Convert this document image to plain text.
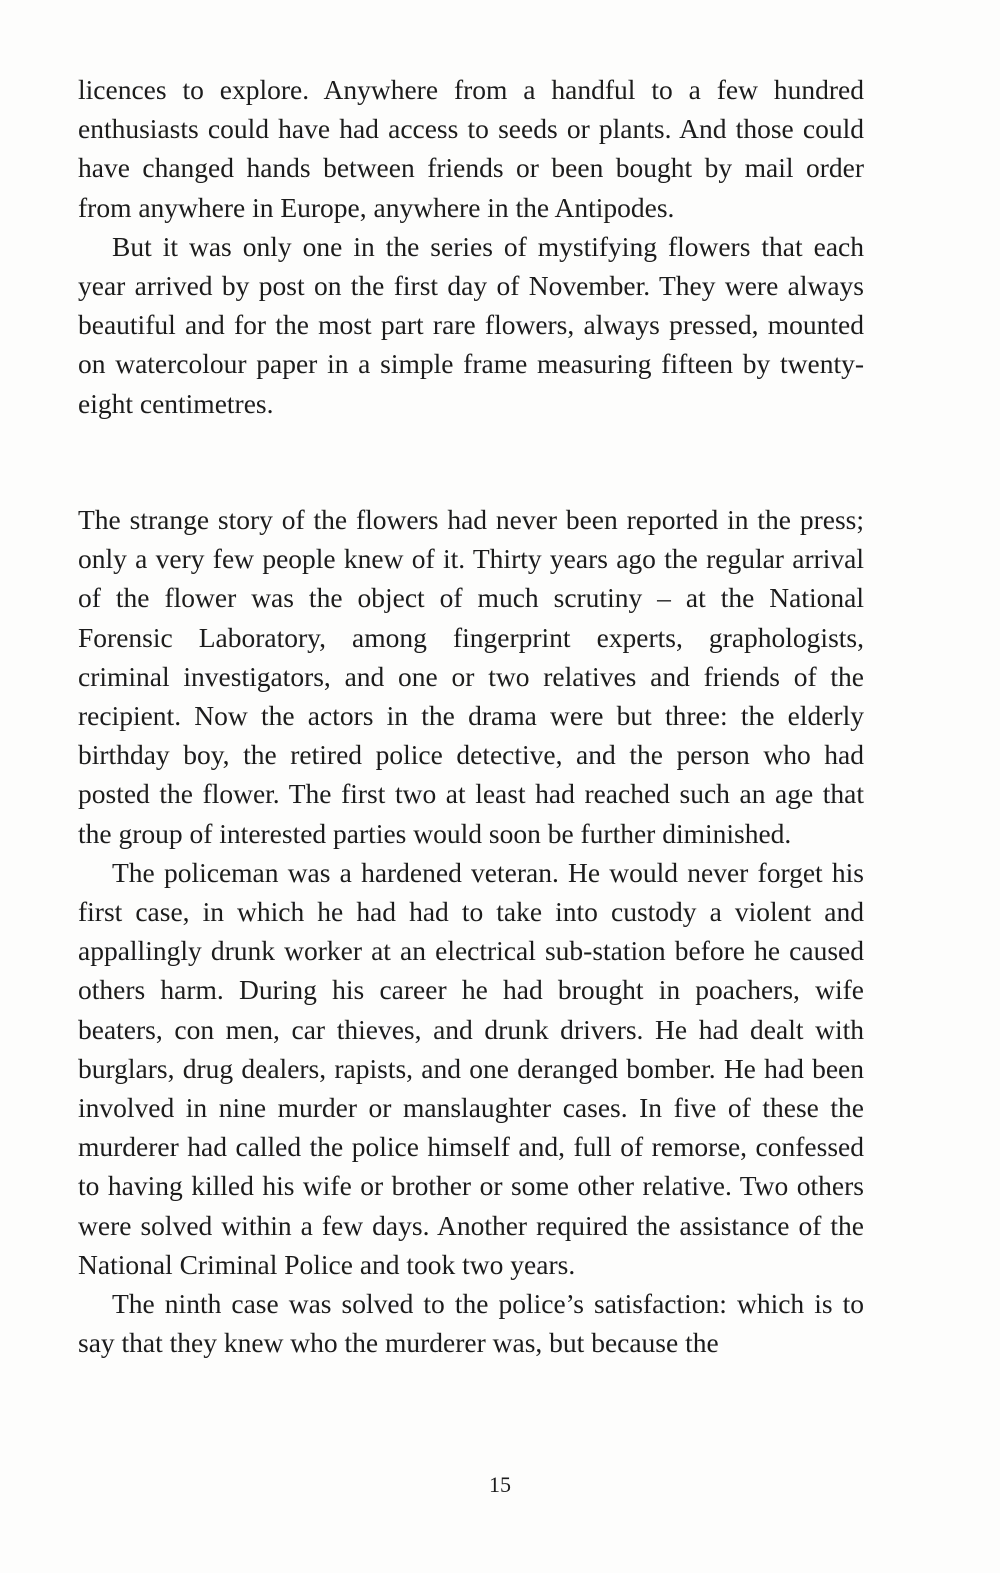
licences to explore. Anywhere from a handful to a few hundred enthusiasts could have had access to seeds or plants. And those could have changed hands between friends or been bought by mail order from anywhere in Europe, anywhere in the Antipodes.

But it was only one in the series of mystifying flowers that each year arrived by post on the first day of November. They were always beautiful and for the most part rare flowers, always pressed, mounted on watercolour paper in a simple frame measuring fifteen by twenty-eight centimetres.

The strange story of the flowers had never been reported in the press; only a very few people knew of it. Thirty years ago the regular arrival of the flower was the object of much scrutiny – at the National Forensic Laboratory, among fingerprint experts, graphologists, criminal investigators, and one or two relatives and friends of the recipient. Now the actors in the drama were but three: the elderly birthday boy, the retired police detective, and the person who had posted the flower. The first two at least had reached such an age that the group of interested parties would soon be further diminished.

The policeman was a hardened veteran. He would never forget his first case, in which he had had to take into custody a violent and appallingly drunk worker at an electrical sub-station before he caused others harm. During his career he had brought in poachers, wife beaters, con men, car thieves, and drunk drivers. He had dealt with burglars, drug dealers, rapists, and one deranged bomber. He had been involved in nine murder or manslaughter cases. In five of these the murderer had called the police himself and, full of remorse, confessed to having killed his wife or brother or some other relative. Two others were solved within a few days. Another required the assistance of the National Criminal Police and took two years.

The ninth case was solved to the police’s satisfaction: which is to say that they knew who the murderer was, but because the

15
